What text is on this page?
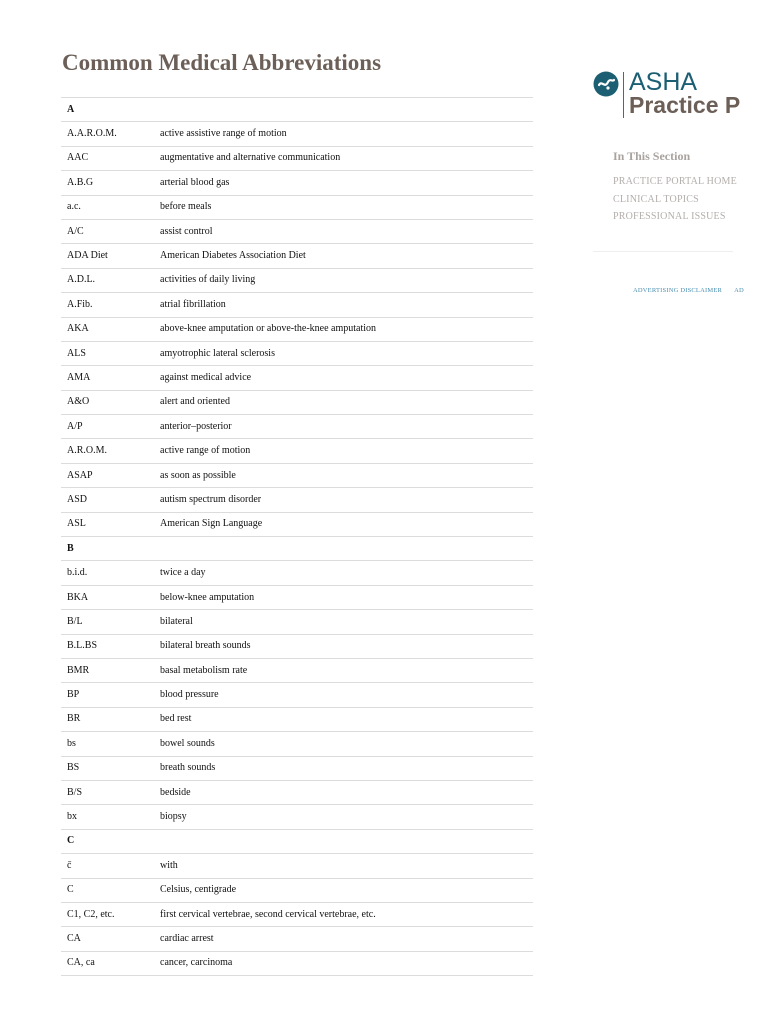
Common Medical Abbreviations
A	
A.A.R.O.M.	active assistive range of motion
AAC	augmentative and alternative communication
A.B.G	arterial blood gas
a.c.	before meals
A/C	assist control
ADA Diet	American Diabetes Association Diet
A.D.L.	activities of daily living
A.Fib.	atrial fibrillation
AKA	above-knee amputation or above-the-knee amputation
ALS	amyotrophic lateral sclerosis
AMA	against medical advice
A&O	alert and oriented
A/P	anterior–posterior
A.R.O.M.	active range of motion
ASAP	as soon as possible
ASD	autism spectrum disorder
ASL	American Sign Language
B	
b.i.d.	twice a day
BKA	below-knee amputation
B/L	bilateral
B.L.BS	bilateral breath sounds
BMR	basal metabolism rate
BP	blood pressure
BR	bed rest
bs	bowel sounds
BS	breath sounds
B/S	bedside
bx	biopsy
C	
c̄	with
C	Celsius, centigrade
C1, C2, etc.	first cervical vertebrae, second cervical vertebrae, etc.
CA	cardiac arrest
CA, ca	cancer, carcinoma
ASHA
Practice P
In This Section
PRACTICE PORTAL HOME
CLINICAL TOPICS
PROFESSIONAL ISSUES
ADVERTISING DISCLAIMER AD
